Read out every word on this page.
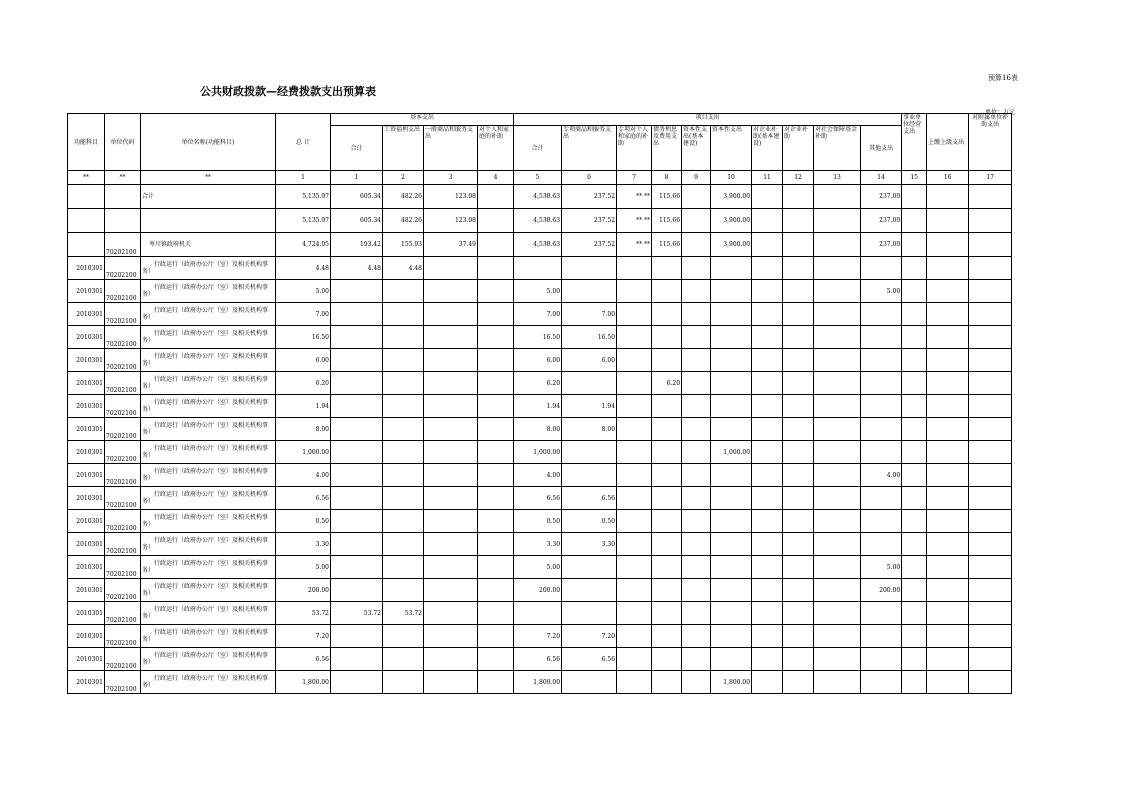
预算16表
公共财政拨款—经费拨款支出预算表
单位：万元
功能科目	单位代码	单位名称(功能科目)	总 计	基本支出				项目支出										事业单位经营支出	上缴上级支出	对附属单位补助支出
				合计	工资福利支出	一般商品和服务支出	对个人和家庭的补助	合计	专项商品和服务支出	专项对个人和家庭的补助	债务利息及费用支出	资本性支出(基本建设)	资本性支出	对企业补助(基本建设)	对企业补助	对社会保障基金补助	其他支出			
**	**	**	1	1	2	3	4	5	6	7	8	9	10	11	12	13	14	15	16	17
		合计	5,135.97	605.34	482.26	123.08		4,530.63	237.52	** **	115.66		3,900.00				237.00			
			5,135.97	605.34	482.26	123.08		4,530.63	237.52	** **	115.66		3,900.00				237.00			
	70202100	岑川镇政府机关	4,724.05	193.42	155.93	37.49		4,530.63	237.52	** **	115.66		3,900.00				237.00			
2010301	70202100	行政运行（政府办公厅（室）及相关机构事务）	4.48	4.48	4.48															
2010301	70202100	行政运行（政府办公厅（室）及相关机构事务）	5.00					5.00									5.00			
2010301	70202100	行政运行（政府办公厅（室）及相关机构事务）	7.00					7.00	7.00											
2010301	70202100	行政运行（政府办公厅（室）及相关机构事务）	16.50					16.50	16.50											
2010301	70202100	行政运行（政府办公厅（室）及相关机构事务）	6.00					6.00	6.00											
2010301	70202100	行政运行（政府办公厅（室）及相关机构事务）	6.20					6.20			6.20									
2010301	70202100	行政运行（政府办公厅（室）及相关机构事务）	1.94					1.94	1.94											
2010301	70202100	行政运行（政府办公厅（室）及相关机构事务）	8.00					8.00	8.00											
2010301	70202100	行政运行（政府办公厅（室）及相关机构事务）	1,000.00					1,000.00					1,000.00							
2010301	70202100	行政运行（政府办公厅（室）及相关机构事务）	4.00					4.00									4.00			
2010301	70202100	行政运行（政府办公厅（室）及相关机构事务）	6.56					6.56	6.56											
2010301	70202100	行政运行（政府办公厅（室）及相关机构事务）	0.50					0.50	0.50											
2010301	70202100	行政运行（政府办公厅（室）及相关机构事务）	3.30					3.30	3.30											
2010301	70202100	行政运行（政府办公厅（室）及相关机构事务）	5.00					5.00									5.00			
2010301	70202100	行政运行（政府办公厅（室）及相关机构事务）	200.00					200.00									200.00			
2010301	70202100	行政运行（政府办公厅（室）及相关机构事务）	53.72	53.72	53.72															
2010301	70202100	行政运行（政府办公厅（室）及相关机构事务）	7.20					7.20	7.20											
2010301	70202100	行政运行（政府办公厅（室）及相关机构事务）	6.56					6.56	6.56											
2010301	70202100	行政运行（政府办公厅（室）及相关机构事务）	1,800.00					1,800.00					1,800.00							
